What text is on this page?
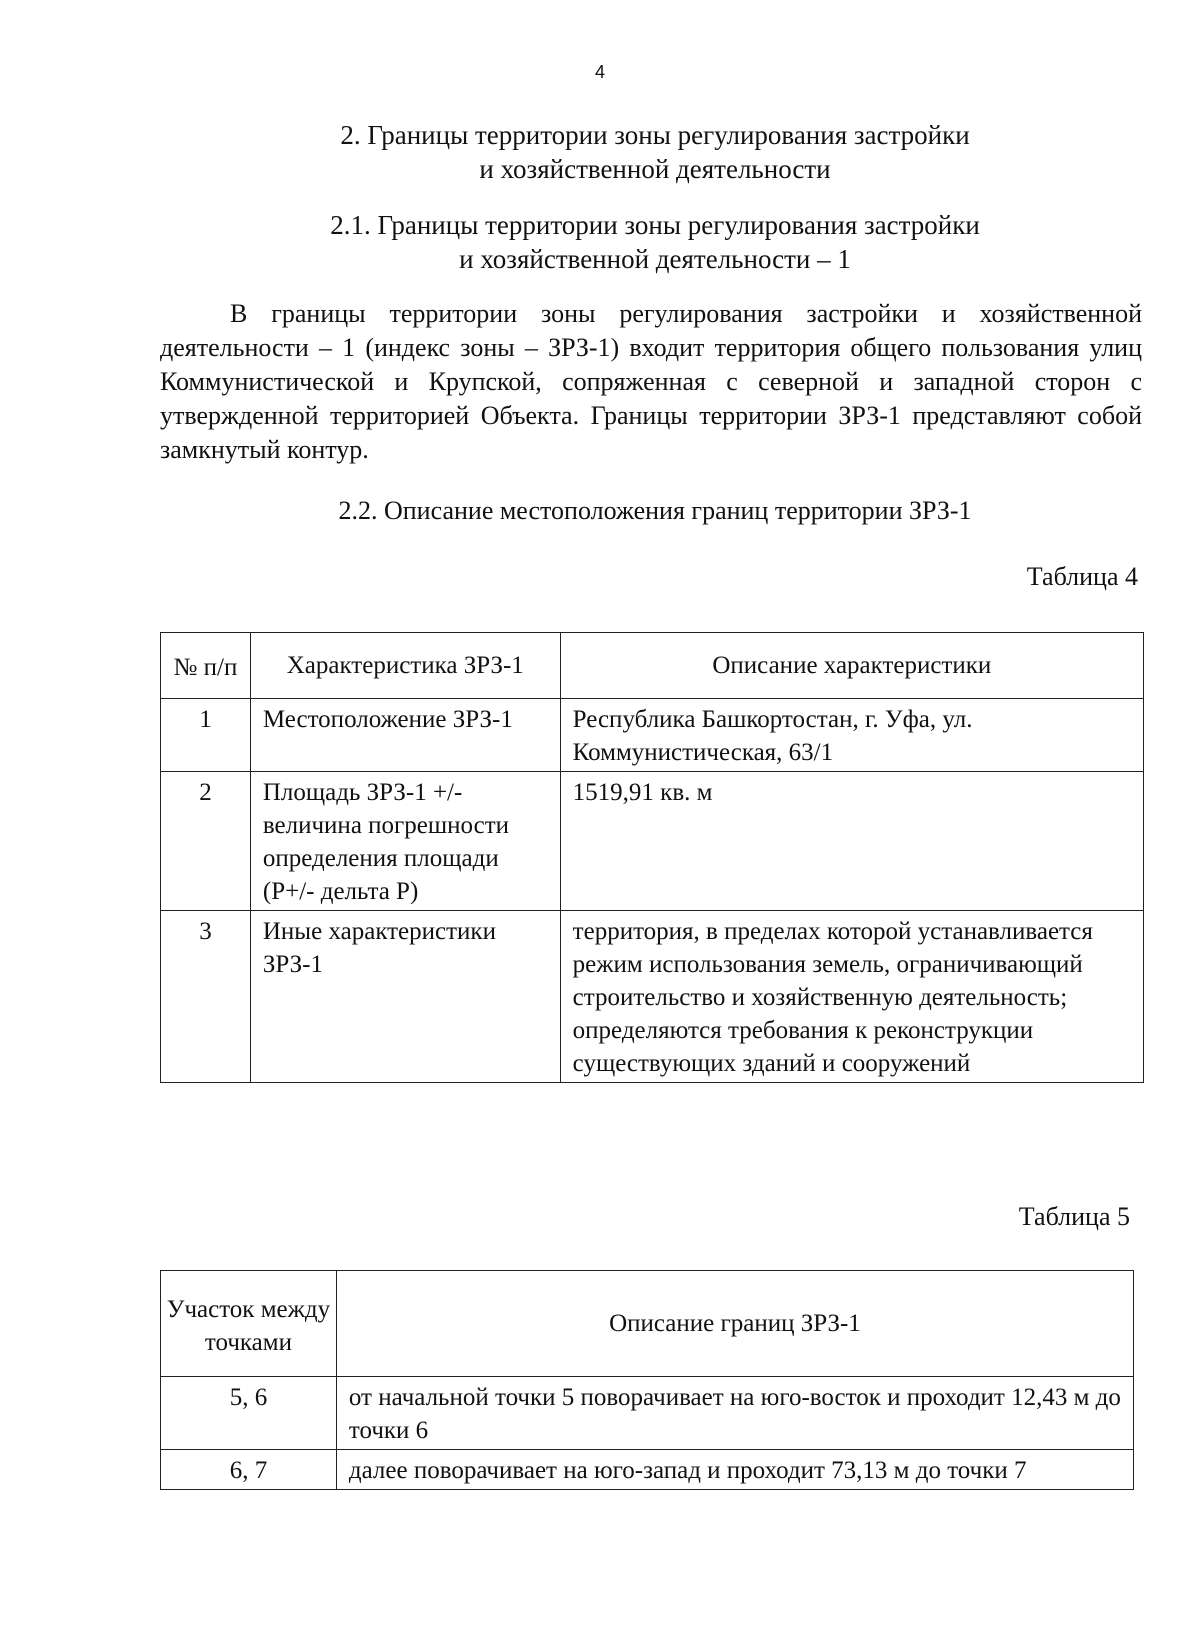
4
2. Границы территории зоны регулирования застройки
и хозяйственной деятельности
2.1. Границы территории зоны регулирования застройки
и хозяйственной деятельности – 1
В границы территории зоны регулирования застройки и хозяйственной деятельности – 1 (индекс зоны – ЗРЗ-1) входит территория общего пользования улиц Коммунистической и Крупской, сопряженная с северной и западной сторон с утвержденной территорией Объекта. Границы территории ЗРЗ-1 представляют собой замкнутый контур.
2.2. Описание местоположения границ территории ЗРЗ-1
Таблица 4
№ п/п	Характеристика ЗРЗ-1	Описание характеристики
1	Местоположение ЗРЗ-1	Республика Башкортостан, г. Уфа, ул. Коммунистическая, 63/1
2	Площадь ЗРЗ-1 +/- величина погрешности определения площади (P+/- дельта P)	1519,91 кв. м
3	Иные характеристики ЗРЗ-1	территория, в пределах которой устанавливается режим использования земель, ограничивающий строительство и хозяйственную деятельность; определяются требования к реконструкции существующих зданий и сооружений
Таблица 5
Участок между точками	Описание границ ЗРЗ-1
5, 6	от начальной точки 5 поворачивает на юго-восток и проходит 12,43 м до точки 6
6, 7	далее поворачивает на юго-запад и проходит 73,13 м до точки 7
